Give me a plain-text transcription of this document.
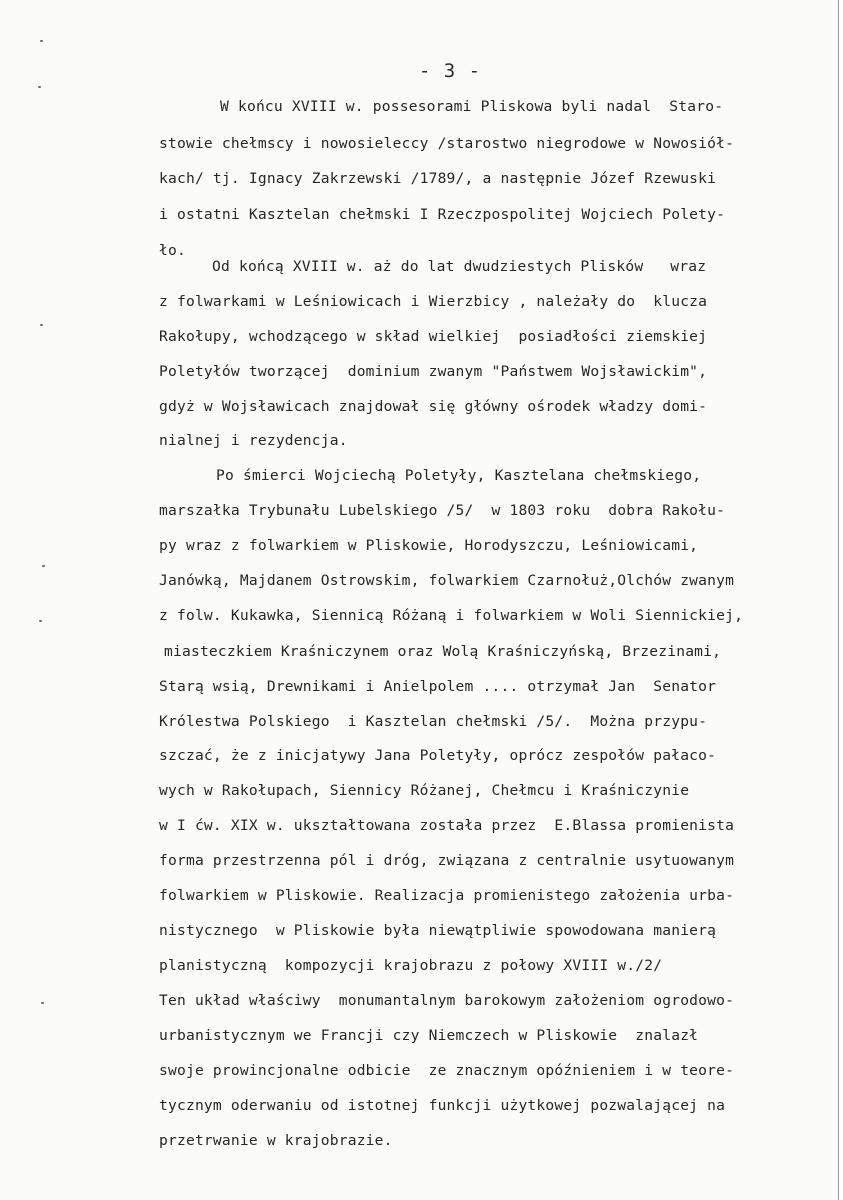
- 3 -
W końcu XVIII w. possesorami Pliskowa byli nadal  Staro-
stowie chełmscy i nowosieleccy /starostwo niegrodowe w Nowosiół-
kach/ tj. Ignacy Zakrzewski /1789/, a następnie Józef Rzewuski
i ostatni Kasztelan chełmski I Rzeczpospolitej Wojciech Polety-
ło.
Od końcą XVIII w. aż do lat dwudziestych Plisków   wraz
z folwarkami w Leśniowicach i Wierzbicy , należały do  klucza
Rakołupy, wchodzącego w skład wielkiej  posiadłości ziemskiej
Poletyłów tworzącej  dominium zwanym "Państwem Wojsławickim",
gdyż w Wojsławicach znajdował się główny ośrodek władzy domi-
nialnej i rezydencja.
Po śmierci Wojciechą Poletyły, Kasztelana chełmskiego,
marszałka Trybunału Lubelskiego /5/  w 1803 roku  dobra Rakołu-
py wraz z folwarkiem w Pliskowie, Horodyszczu, Leśniowicami,
Janówką, Majdanem Ostrowskim, folwarkiem Czarnołuż,Olchów zwanym
z folw. Kukawka, Siennicą Różaną i folwarkiem w Woli Siennickiej,
miasteczkiem Kraśniczynem oraz Wolą Kraśniczyńską, Brzezinami,
Starą wsią, Drewnikami i Anielpolem .... otrzymał Jan  Senator
Królestwa Polskiego  i Kasztelan chełmski /5/.  Można przypu-
szczać, że z inicjatywy Jana Poletyły, oprócz zespołów pałaco-
wych w Rakołupach, Siennicy Różanej, Chełmcu i Kraśniczynie
w I ćw. XIX w. ukształtowana została przez  E.Blassa promienista
forma przestrzenna pól i dróg, związana z centralnie usytuowanym
folwarkiem w Pliskowie. Realizacja promienistego założenia urba-
nistycznego  w Pliskowie była niewątpliwie spowodowana manierą
planistyczną  kompozycji krajobrazu z połowy XVIII w./2/
Ten układ właściwy  monumantalnym barokowym założeniom ogrodowo-
urbanistycznym we Francji czy Niemczech w Pliskowie  znalazł
swoje prowincjonalne odbicie  ze znacznym opóźnieniem i w teore-
tycznym oderwaniu od istotnej funkcji użytkowej pozwalającej na
przetrwanie w krajobrazie.
